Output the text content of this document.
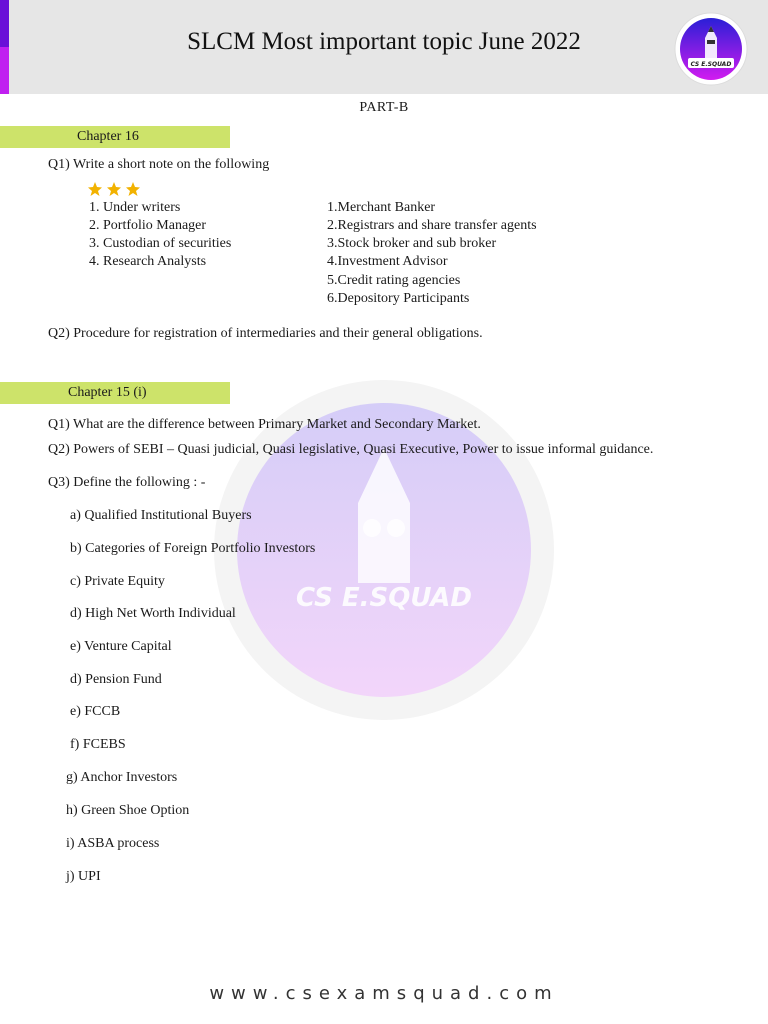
SLCM Most important topic June 2022
CS E.SQUAD
CS E.SQUAD
PART-B
Chapter 16
Q1) Write a short note on the following
1. Under writers
2. Portfolio Manager
3. Custodian of securities
4. Research Analysts
1.Merchant Banker
2.Registrars and share transfer agents
3.Stock broker and sub broker
4.Investment Advisor
5.Credit rating agencies
6.Depository Participants
Q2) Procedure for registration of intermediaries and their general obligations.
Chapter 15 (i)
Q1) What are the difference between Primary Market and Secondary Market.
Q2) Powers of SEBI – Quasi judicial, Quasi legislative, Quasi Executive, Power to issue informal guidance.
Q3) Define the following : -
a) Qualified Institutional Buyers
b) Categories of Foreign Portfolio Investors
c) Private Equity
d) High Net Worth Individual
e) Venture Capital
d) Pension Fund
e) FCCB
f) FCEBS
g) Anchor Investors
h) Green Shoe Option
i) ASBA process
j) UPI
www.csexamsquad.com
